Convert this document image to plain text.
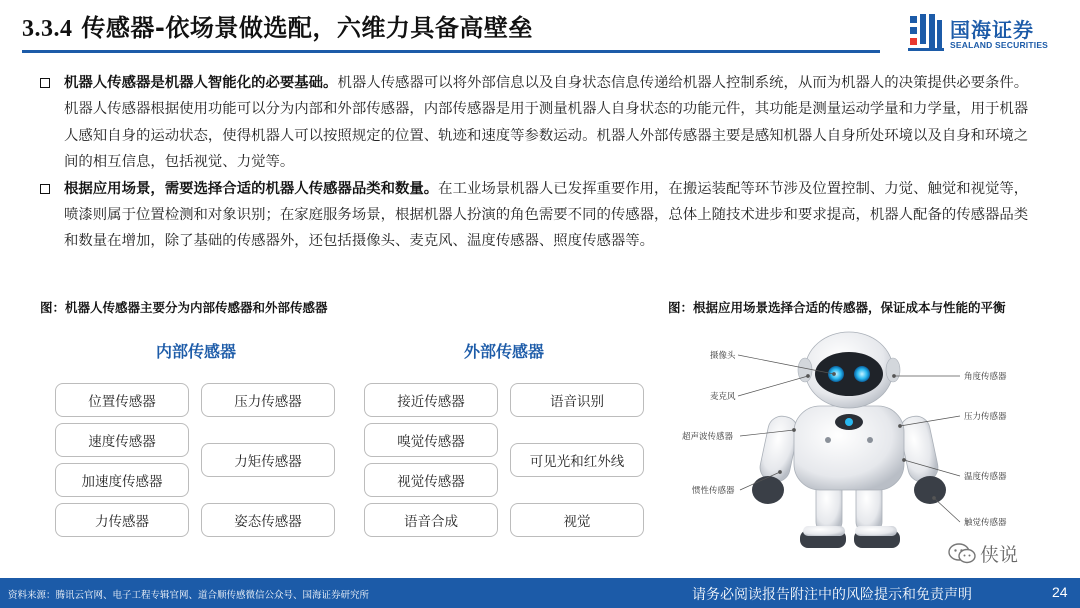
3.3.4 传感器-依场景做选配，六维力具备高壁垒	国海证券
SEALAND SECURITIES
机器人传感器是机器人智能化的必要基础。机器人传感器可以将外部信息以及自身状态信息传递给机器人控制系统，从而为机器人的决策提供必要条件。机器人传感器根据使用功能可以分为内部和外部传感器，内部传感器是用于测量机器人自身状态的功能元件，其功能是测量运动学量和力学量，用于机器人感知自身的运动状态，使得机器人可以按照规定的位置、轨迹和速度等参数运动。机器人外部传感器主要是感知机器人自身所处环境以及自身和环境之间的相互信息，包括视觉、力觉等。
根据应用场景，需要选择合适的机器人传感器品类和数量。在工业场景机器人已发挥重要作用，在搬运装配等环节涉及位置控制、力觉、触觉和视觉等，喷漆则属于位置检测和对象识别；在家庭服务场景，根据机器人扮演的角色需要不同的传感器，总体上随技术进步和要求提高，机器人配备的传感器品类和数量在增加，除了基础的传感器外，还包括摄像头、麦克风、温度传感器、照度传感器等。
图：机器人传感器主要分为内部传感器和外部传感器	图：根据应用场景选择合适的传感器，保证成本与性能的平衡
内部传感器	外部传感器
位置传感器
速度传感器
加速度传感器
力传感器
压力传感器
力矩传感器
姿态传感器
接近传感器
嗅觉传感器
视觉传感器
语音合成
语音识别
可见光和红外线
视觉
摄像头
麦克风
超声波传感器
惯性传感器
角度传感器
压力传感器
温度传感器
触觉传感器
侠说
资料来源：腾讯云官网、电子工程专辑官网、道合顺传感微信公众号、国海证券研究所	请务必阅读报告附注中的风险提示和免责声明	24
